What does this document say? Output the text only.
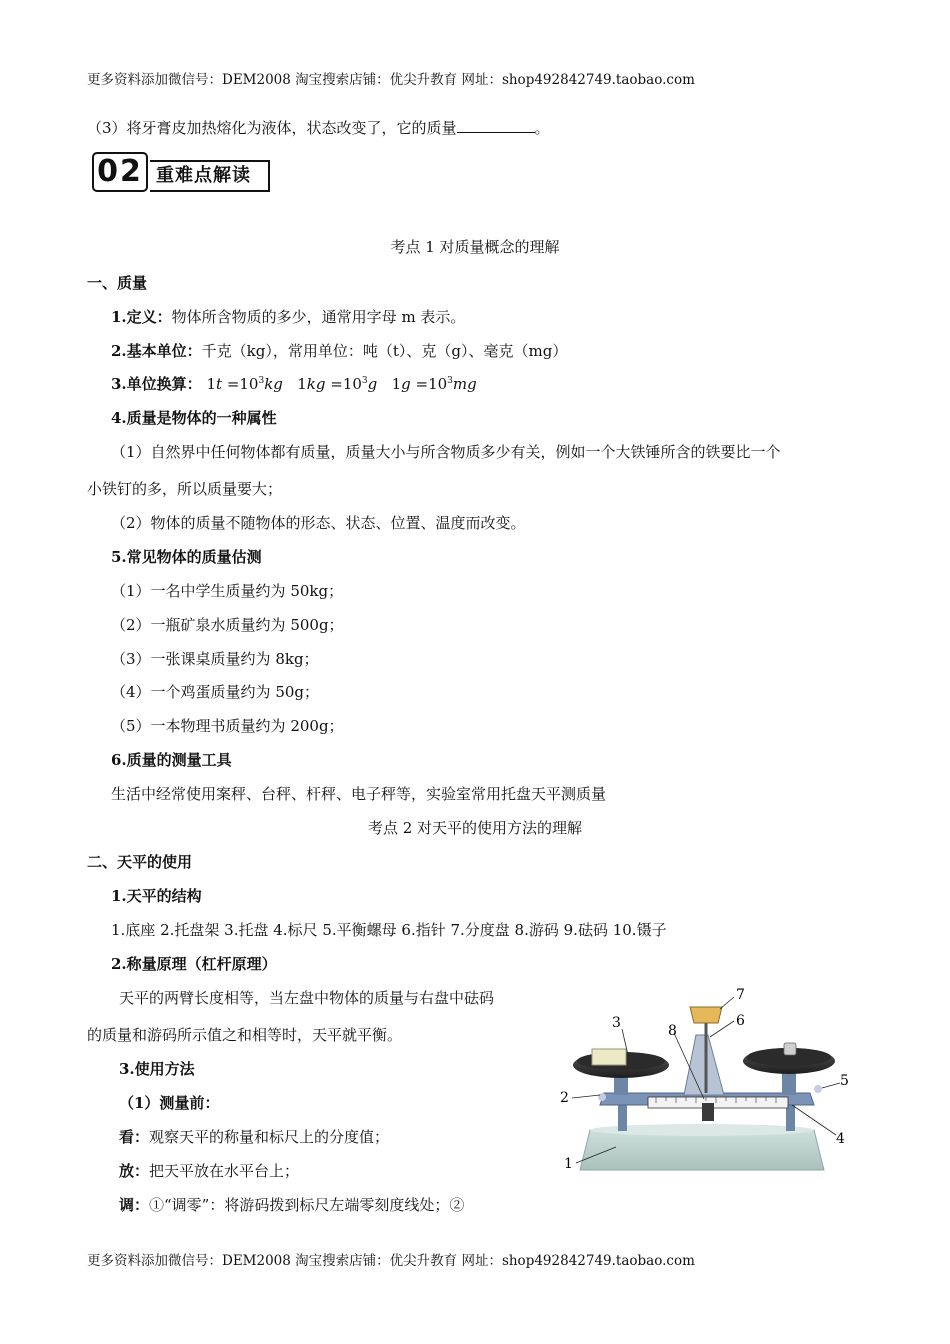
更多资料添加微信号：DEM2008 淘宝搜索店铺：优尖升教育 网址：shop492842749.taobao.com
（3）将牙膏皮加热熔化为液体，状态改变了，它的质量	。
02 重难点解读
考点 1 对质量概念的理解
一、质量
1.定义：物体所含物质的多少，通常用字母 m 表示。
2.基本单位：千克（kg），常用单位：吨（t）、克（g）、毫克（mg）
3.单位换算： $1t =10^3kg$ $1kg =10^3g$ $1g =10^3mg$
4.质量是物体的一种属性
（1）自然界中任何物体都有质量，质量大小与所含物质多少有关，例如一个大铁锤所含的铁要比一个
小铁钉的多，所以质量要大；
（2）物体的质量不随物体的形态、状态、位置、温度而改变。
5.常见物体的质量估测
（1）一名中学生质量约为 50kg；
（2）一瓶矿泉水质量约为 500g；
（3）一张课桌质量约为 8kg；
（4）一个鸡蛋质量约为 50g；
（5）一本物理书质量约为 200g；
6.质量的测量工具
生活中经常使用案秤、台秤、杆秤、电子秤等，实验室常用托盘天平测质量
考点 2 对天平的使用方法的理解
二、天平的使用
1.天平的结构
1.底座 2.托盘架 3.托盘 4.标尺 5.平衡螺母 6.指针 7.分度盘 8.游码 9.砝码 10.镊子
2.称量原理（杠杆原理）
天平的两臂长度相等，当左盘中物体的质量与右盘中砝码
的质量和游码所示值之和相等时，天平就平衡。
3.使用方法
（1）测量前：
看：观察天平的称量和标尺上的分度值；
放：把天平放在水平台上；
调：①“调零”：将游码拨到标尺左端零刻度线处；②
1
2
3
4
5
6
7
8
更多资料添加微信号：DEM2008 淘宝搜索店铺：优尖升教育 网址：shop492842749.taobao.com
